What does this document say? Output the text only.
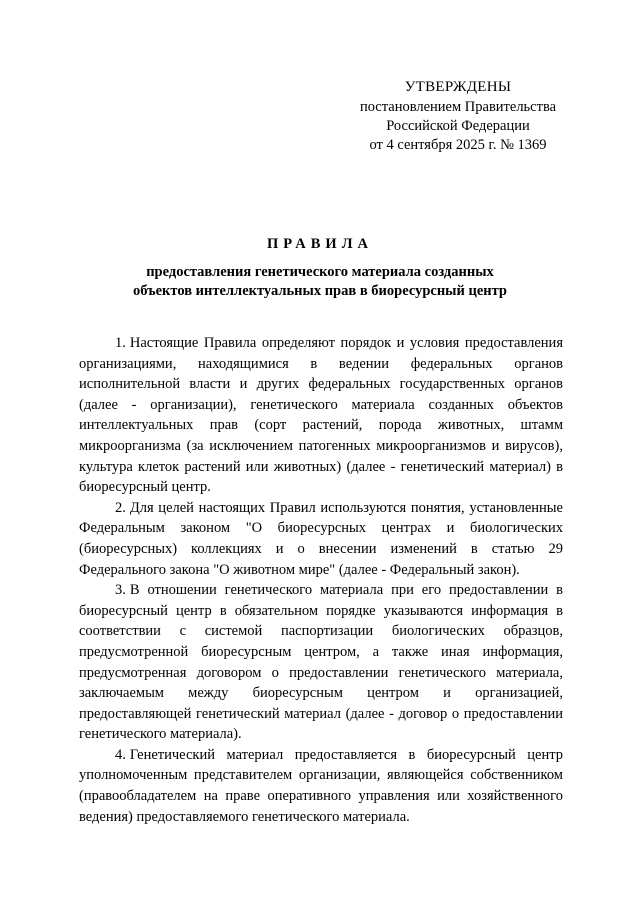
УТВЕРЖДЕНЫ
постановлением Правительства
Российской Федерации
от 4 сентября 2025 г. № 1369
ПРАВИЛА
предоставления генетического материала созданных
объектов интеллектуальных прав в биоресурсный центр

1. Настоящие Правила определяют порядок и условия предоставления организациями, находящимися в ведении федеральных органов исполнительной власти и других федеральных государственных органов (далее - организации), генетического материала созданных объектов интеллектуальных прав (сорт растений, порода животных, штамм микроорганизма (за исключением патогенных микроорганизмов и вирусов), культура клеток растений или животных) (далее - генетический материал) в биоресурсный центр.

2. Для целей настоящих Правил используются понятия, установленные Федеральным законом "О биоресурсных центрах и биологических (биоресурсных) коллекциях и о внесении изменений в статью 29 Федерального закона "О животном мире" (далее - Федеральный закон).

3. В отношении генетического материала при его предоставлении в биоресурсный центр в обязательном порядке указываются информация в соответствии с системой паспортизации биологических образцов, предусмотренной биоресурсным центром, а также иная информация, предусмотренная договором о предоставлении генетического материала, заключаемым между биоресурсным центром и организацией, предоставляющей генетический материал (далее - договор о предоставлении генетического материала).

4. Генетический материал предоставляется в биоресурсный центр уполномоченным представителем организации, являющейся собственником (правообладателем на праве оперативного управления или хозяйственного ведения) предоставляемого генетического материала.
